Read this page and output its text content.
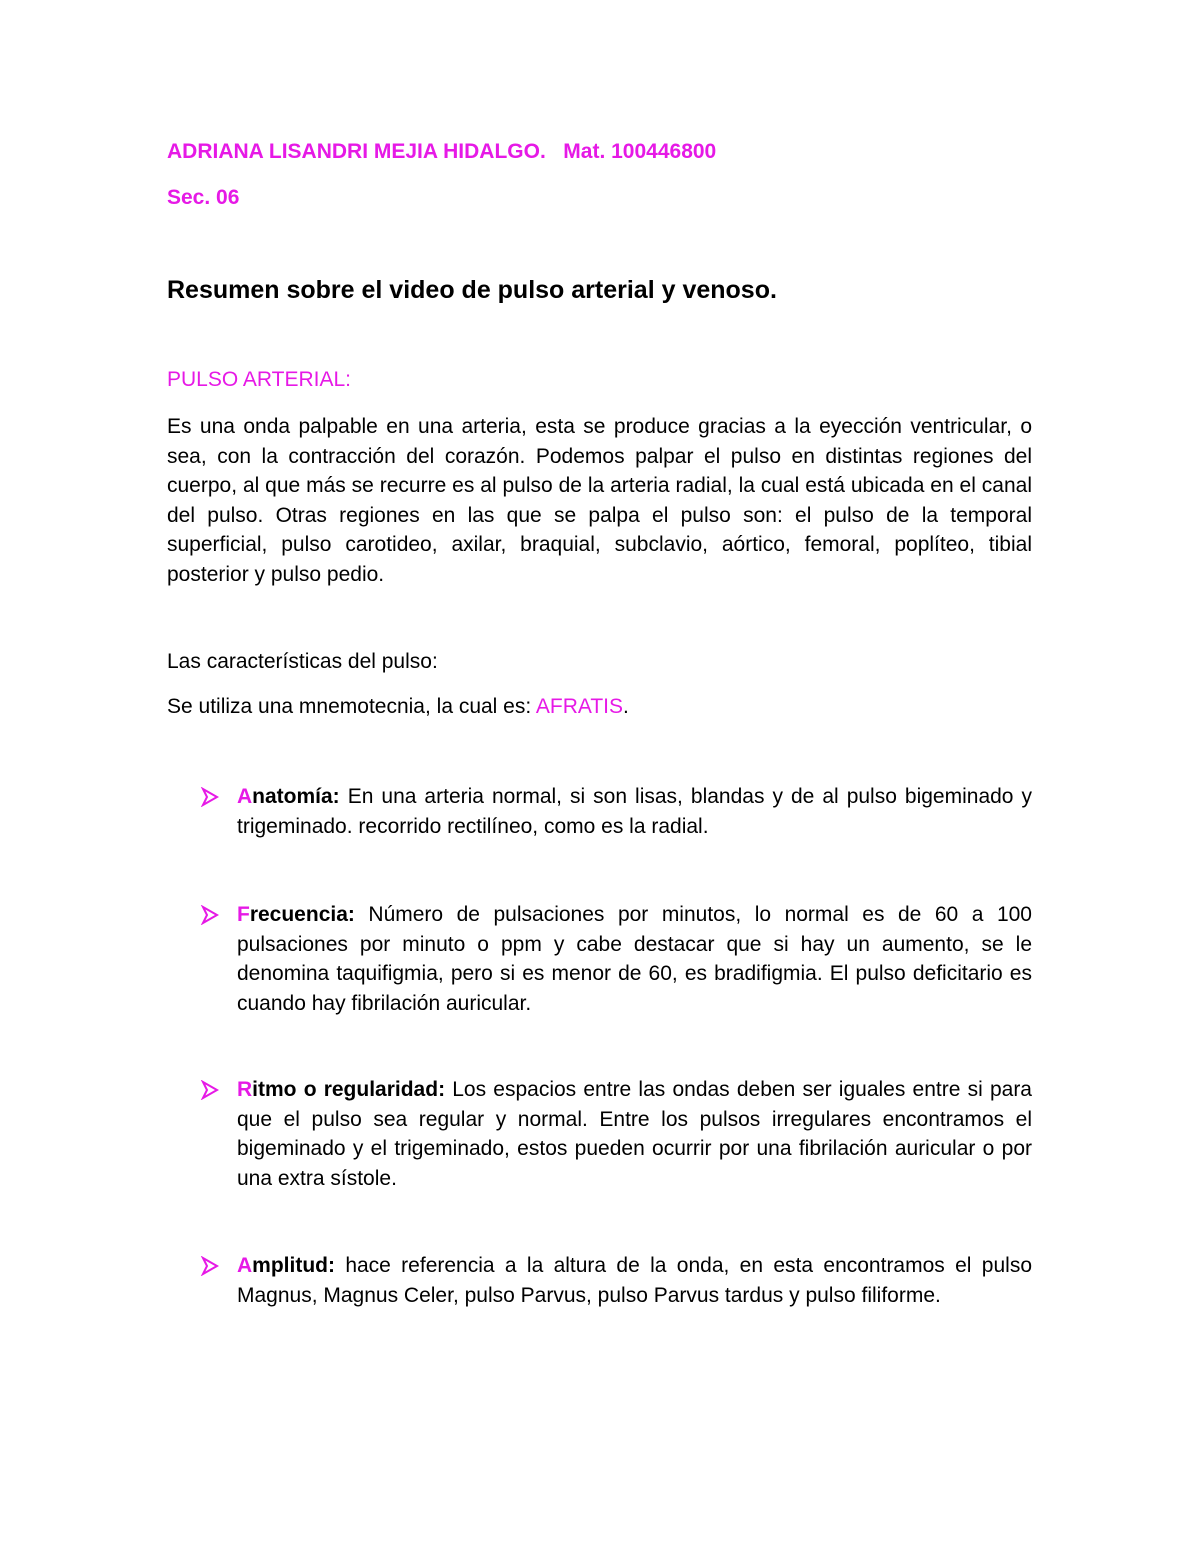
ADRIANA LISANDRI MEJIA HIDALGO.   Mat. 100446800
Sec. 06
Resumen sobre el video de pulso arterial y venoso.
PULSO ARTERIAL:
Es una onda palpable en una arteria, esta se produce gracias a la eyección ventricular, o sea, con la contracción del corazón. Podemos palpar el pulso en distintas regiones del cuerpo, al que más se recurre es al pulso de la arteria radial, la cual está ubicada en el canal del pulso. Otras regiones en las que se palpa el pulso son: el pulso de la temporal superficial, pulso carotideo, axilar, braquial, subclavio, aórtico, femoral, poplíteo, tibial posterior y pulso pedio.
Las características del pulso:
Se utiliza una mnemotecnia, la cual es: AFRATIS.
Anatomía: En una arteria normal, si son lisas, blandas y de al pulso bigeminado y trigeminado. recorrido rectilíneo, como es la radial.
Frecuencia: Número de pulsaciones por minutos, lo normal es de 60 a 100 pulsaciones por minuto o ppm y cabe destacar que si hay un aumento, se le denomina taquifigmia, pero si es menor de 60, es bradifigmia. El pulso deficitario es cuando hay fibrilación auricular.
Ritmo o regularidad: Los espacios entre las ondas deben ser iguales entre si para que el pulso sea regular y normal. Entre los pulsos irregulares encontramos el bigeminado y el trigeminado, estos pueden ocurrir por una fibrilación auricular o por una extra sístole.
Amplitud: hace referencia a la altura de la onda, en esta encontramos el pulso Magnus, Magnus Celer, pulso Parvus, pulso Parvus tardus y pulso filiforme.
